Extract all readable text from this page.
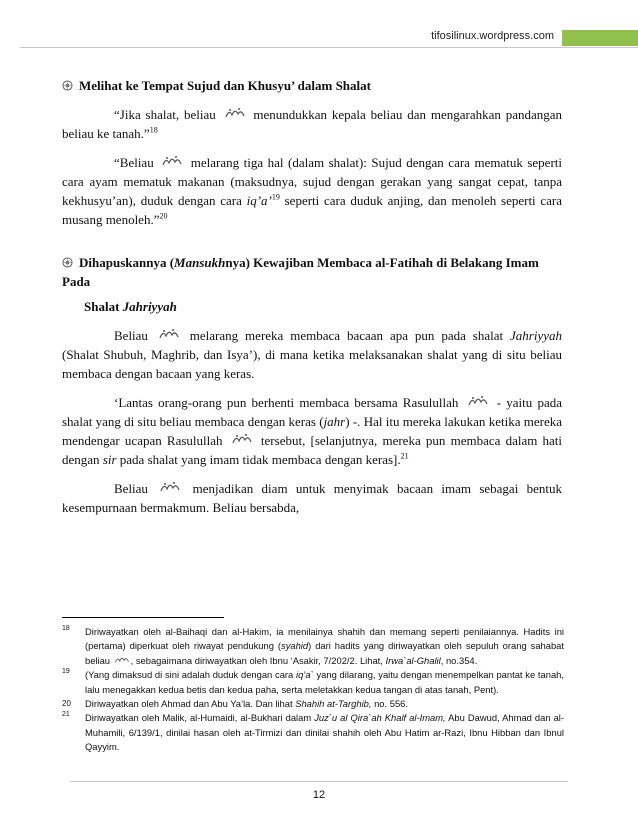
tifosilinux.wordpress.com

Melihat ke Tempat Sujud dan Khusyu’ dalam Shalat

“Jika shalat, beliau	menundukkan kepala beliau dan mengarahkan pandangan beliau ke tanah.”$^{18}$

“Beliau	melarang tiga hal (dalam shalat): Sujud dengan cara mematuk seperti cara ayam mematuk makanan (maksudnya, sujud dengan gerakan yang sangat cepat, tanpa kekhusyu’an), duduk dengan cara iq’a’$^{19}$ seperti cara duduk anjing, dan menoleh seperti cara musang menoleh.”$^{20}$

Dihapuskannya (Mansukhnya) Kewajiban Membaca al-Fatihah di Belakang Imam Pada

Shalat Jahriyyah

Beliau	melarang mereka membaca bacaan apa pun pada shalat Jahriyyah (Shalat Shubuh, Maghrib, dan Isya’), di mana ketika melaksanakan shalat yang di situ beliau membaca dengan bacaan yang keras.

‘Lantas orang-orang pun berhenti membaca bersama Rasulullah	- yaitu pada shalat yang di situ beliau membaca dengan keras (jahr) -. Hal itu mereka lakukan ketika mereka mendengar ucapan Rasulullah	tersebut, [selanjutnya, mereka pun membaca dalam hati dengan sir pada shalat yang imam tidak membaca dengan keras].$^{21}$

Beliau	menjadikan diam untuk menyimak bacaan imam sebagai bentuk kesempurnaan bermakmum. Beliau bersabda,

18 Diriwayatkan oleh al-Baihaqi dan al-Hakim, ia menilainya shahih dan memang seperti penilaiannya. Hadits ini (pertama) diperkuat oleh riwayat pendukung (syahid) dari hadits yang diriwayatkan oleh sepuluh orang sahabat beliau , sebagaimana diriwayatkan oleh Ibnu ‘Asakir, 7/202/2. Lihat, Irwa`al-Ghalil, no.354.
19 (Yang dimaksud di sini adalah duduk dengan cara iq’a` yang dilarang, yaitu dengan menempelkan pantat ke tanah, lalu menegakkan kedua betis dan kedua paha, serta meletakkan kedua tangan di atas tanah, Pent).
20 Diriwayatkan oleh Ahmad dan Abu Ya’la. Dan lihat Shahih at-Targhib, no. 556.
21 Diriwayatkan oleh Malik, al-Humaidi, al-Bukhari dalam Juz`u al Qira`ah Khalf al-Imam, Abu Dawud, Ahmad dan al-Muhamili, 6/139/1, dinilai hasan oleh at-Tirmizi dan dinilai shahih oleh Abu Hatim ar-Razi, Ibnu Hibban dan Ibnul Qayyim.
12
